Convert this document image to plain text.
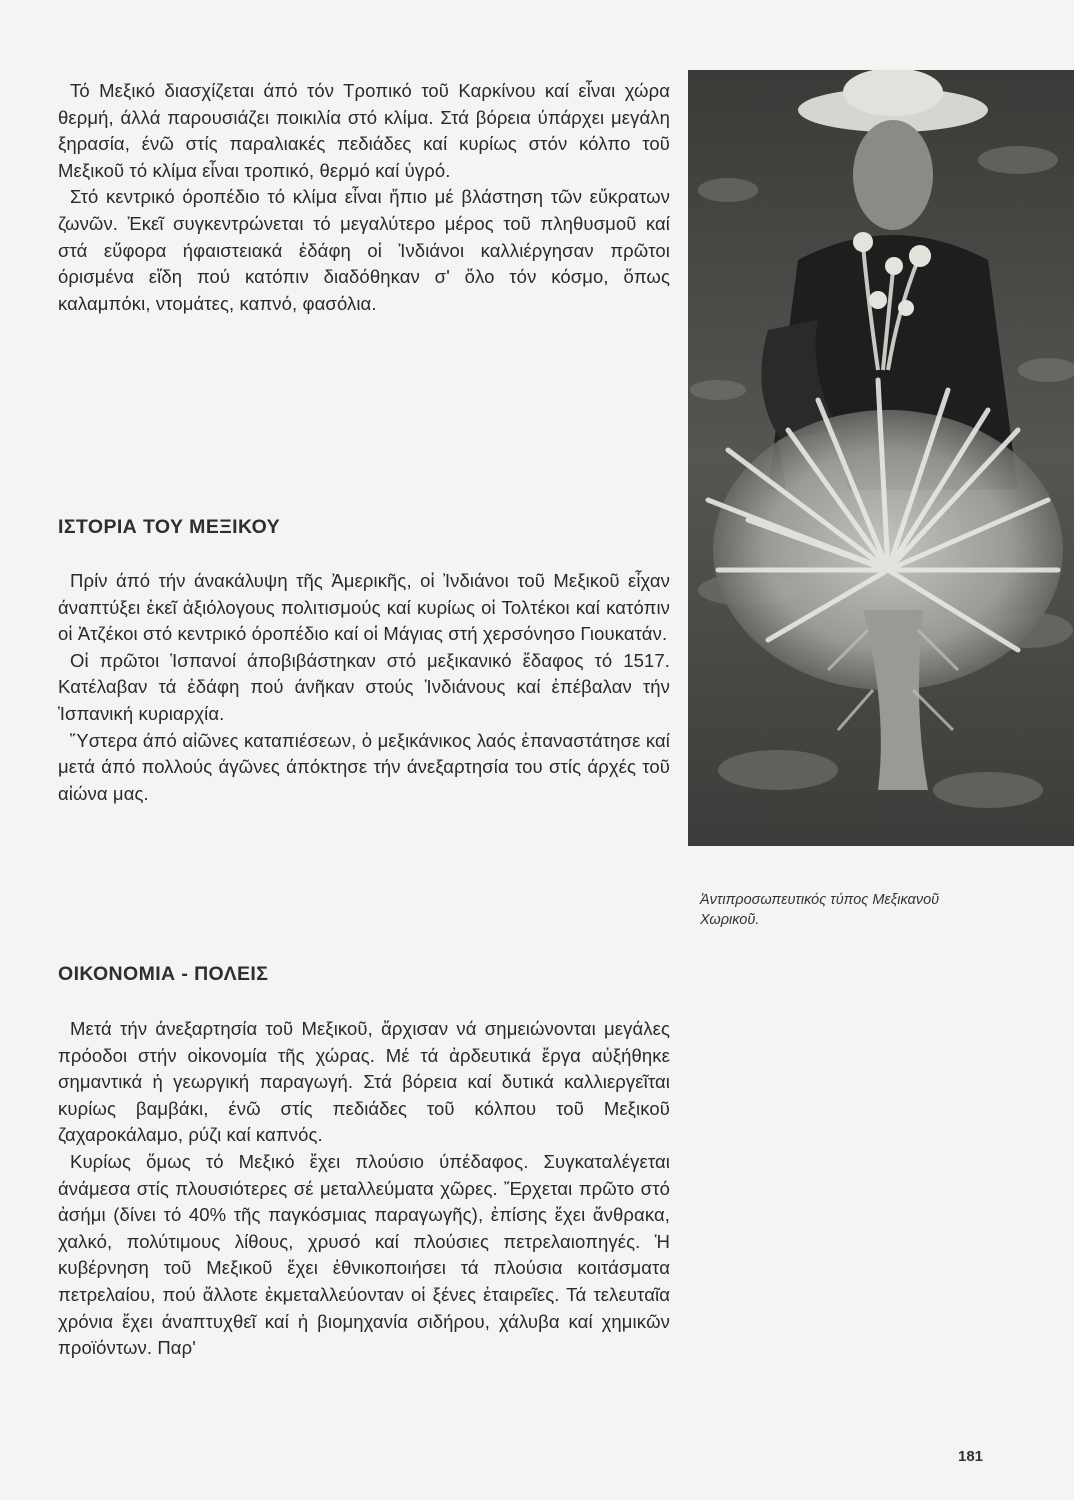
Τό Μεξικό διασχίζεται άπό τόν Τροπικό τοῦ Καρκίνου καί εἶναι χώρα θερμή, άλλά παρουσιάζει ποικιλία στό κλίμα. Στά βόρεια ύπάρχει μεγάλη ξηρασία, ένῶ στίς παραλιακές πεδιάδες καί κυρίως στόν κόλπο τοῦ Μεξικοῦ τό κλίμα εἶναι τροπικό, θερμό καί ὑγρό.

Στό κεντρικό όροπέδιο τό κλίμα εἶναι ἤπιο μέ βλάστηση τῶν εὔκρατων ζωνῶν. Ἐκεῖ συγκεντρώνεται τό μεγαλύτερο μέρος τοῦ πληθυσμοῦ καί στά εὔφορα ήφαιστειακά ἐδάφη οἱ Ἰνδιάνοι καλλιέργησαν πρῶτοι όρισμένα εἴδη πού κατόπιν διαδόθηκαν σ' ὅλο τόν κόσμο, ὅπως καλαμπόκι, ντομάτες, καπνό, φασόλια.

ΙΣΤΟΡΙΑ ΤΟΥ ΜΕΞΙΚΟΥ

Πρίν άπό τήν άνακάλυψη τῆς Ἀμερικῆς, οἱ Ἰνδιάνοι τοῦ Μεξικοῦ εἶχαν άναπτύξει ἐκεῖ ἀξιόλογους πολιτισμούς καί κυρίως οἱ Τολτέκοι καί κατόπιν οἱ Ἀτζέκοι στό κεντρικό όροπέδιο καί οἱ Μάγιας στή χερσόνησο Γιουκατάν.

Οἱ πρῶτοι Ἱσπανοί άποβιβάστηκαν στό μεξικανικό ἔδαφος τό 1517. Κατέλαβαν τά ἐδάφη πού άνῆκαν στούς Ἰνδιάνους καί ἐπέβαλαν τήν Ἱσπανική κυριαρχία.

Ὕστερα άπό αἰῶνες καταπιέσεων, ὁ μεξικάνικος λαός ἐπαναστάτησε καί μετά άπό πολλούς άγῶνες άπόκτησε τήν άνεξαρτησία του στίς άρχές τοῦ αἰώνα μας.

ΟΙΚΟΝΟΜΙΑ - ΠΟΛΕΙΣ

Μετά τήν άνεξαρτησία τοῦ Μεξικοῦ, ἄρχισαν νά σημειώνονται μεγάλες πρόοδοι στήν οἰκονομία τῆς χώρας. Μέ τά ἀρδευτικά ἔργα αὐξήθηκε σημαντικά ἡ γεωργική παραγωγή. Στά βόρεια καί δυτικά καλλιεργεῖται κυρίως βαμβάκι, ένῶ στίς πεδιάδες τοῦ κόλπου τοῦ Μεξικοῦ ζαχαροκάλαμο, ρύζι καί καπνός.

Κυρίως ὅμως τό Μεξικό ἔχει πλούσιο ύπέδαφος. Συγκαταλέγεται άνάμεσα στίς πλουσιότερες σέ μεταλλεύματα χῶρες. Ἔρχεται πρῶτο στό ἀσήμι (δίνει τό 40% τῆς παγκόσμιας παραγωγῆς), ἐπίσης ἔχει ἄνθρακα, χαλκό, πολύτιμους λίθους, χρυσό καί πλούσιες πετρελαιοπηγές. Ἡ κυβέρνηση τοῦ Μεξικοῦ ἔχει ἐθνικοποιήσει τά πλούσια κοιτάσματα πετρελαίου, πού ἄλλοτε ἐκμεταλλεύονταν οἱ ξένες ἐταιρεῖες. Τά τελευταῖα χρόνια ἔχει άναπτυχθεῖ καί ἡ βιομηχανία σιδήρου, χάλυβα καί χημικῶν προϊόντων. Παρ'

Ἀντιπροσωπευτικός τύπος Μεξικανοῦ Χωρικοῦ.

181
